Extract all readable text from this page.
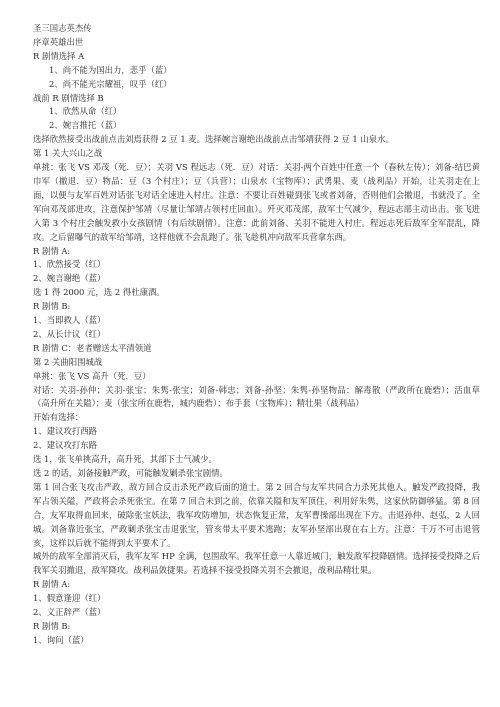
圣三国志英杰传
序章英雄出世
R 剧情选择 A
1、尚不能为国出力，悲乎（蓝）
2、尚不能光宗耀祖，叹乎（红）
战前 R 剧情选择 B
1、欣然从命（红）
2、婉言推托（蓝）
选择欣然接受出战前点击刘焉获得 2 豆 1 麦。选择婉言谢绝出战前点击邹靖获得 2 豆 1 山泉水。
第 1 关大兴山之战
单挑：张飞 VS 邓茂（死．豆）；关羽 VS 程远志（死．豆）对话：关羽-两个百姓中任意一个（春秋左传）；刘备-结巴黄巾军（撤退．豆）物品：豆（3 个村庄）；豆（兵营）；山泉水（宝物库）；武勇果、麦（战利品）开始，让关羽走在上面，以便与友军百姓对话张飞对话全速进入村庄。注意：不要让百姓碰到张飞或者刘备，否则他们会撤退，书就没了。全军向邓茂部进攻，注意保护邹靖（尽量让邹靖占领村庄回血）。歼灭邓茂部，敌军士气减少，程远志部主动出击。张飞进入第 3 个村庄会触发救小女孩剧情（有后续剧情）。注意：此前刘备、关羽不能进入村庄。程远志死后敌军全军混乱，降攻。之后留曝气的敌军给邹靖，这样他就不会乱跑了。张飞趁机冲向敌军兵营拿东西。
R 剧情 A:
1、欣然接受（红）
2、婉言谢绝（蓝）
选 1 得 2000 元，选 2 得杜康酒。
R 剧情 B:
1、当即救人（蓝）
2、从长计议（红）
R 剧情 C：老者赠送太平清领道
第 2 关曲阳围城战
单挑：张飞 VS 高升（死．豆）
对话：关羽-孙仲；关羽-张宝；朱隽-张宝；刘备-韩忠；刘备-孙坚；朱隽-孙坚物品：解毒散（严政所在鹿砦）；活血草（高升所在关隘）；麦（张宝所在鹿砦，城内鹿砦）；布手套（宝物库）；精壮果（战利品）
开始有选择：
1、建议攻打西路
2、建议攻打东路
选 1，张飞单挑高升，高升死，其部下士气减少。
选 2 的话，刘备接触严政，可能触发剿杀张宝剧情。
第 1 回合张飞攻击严政，敌方回合反击杀死严政后面的道士。第 2 回合与友军共同合力杀死其他人。触发严政投降，我军占领关隘，严政将会杀死张宝。在第 7 回合未到之前，依靠关隘和友军顶住，利用好朱隽，这家伙防御够猛。第 8 回合，友军取得血回来，破除张宝妖法，我军攻防增加，状态恢复正常，友军曹操部出现在下方。击退孙仲、赵弘，2 人回城。刘备靠近张宝，严政剿杀张宝击退张宝，管亥带太平要术逃跑；友军孙坚部出现在右上方。注意：千万不可击退管亥，这样以后就不能得到太平要术了。
城外的敌军全部消灭后，我军友军 HP 全满，包围敌军。我军任意一人靠近城门，触发敌军投降剧情。选择接受投降之后我军关羽撤退，敌军降攻。战利品敛捷果。若选择不接受投降关羽不会撤退，战利品精壮果。
R 剧情 A:
1、假意逢迎（红）
2、义正辞严（蓝）
R 剧情 B:
1、询问（蓝）
